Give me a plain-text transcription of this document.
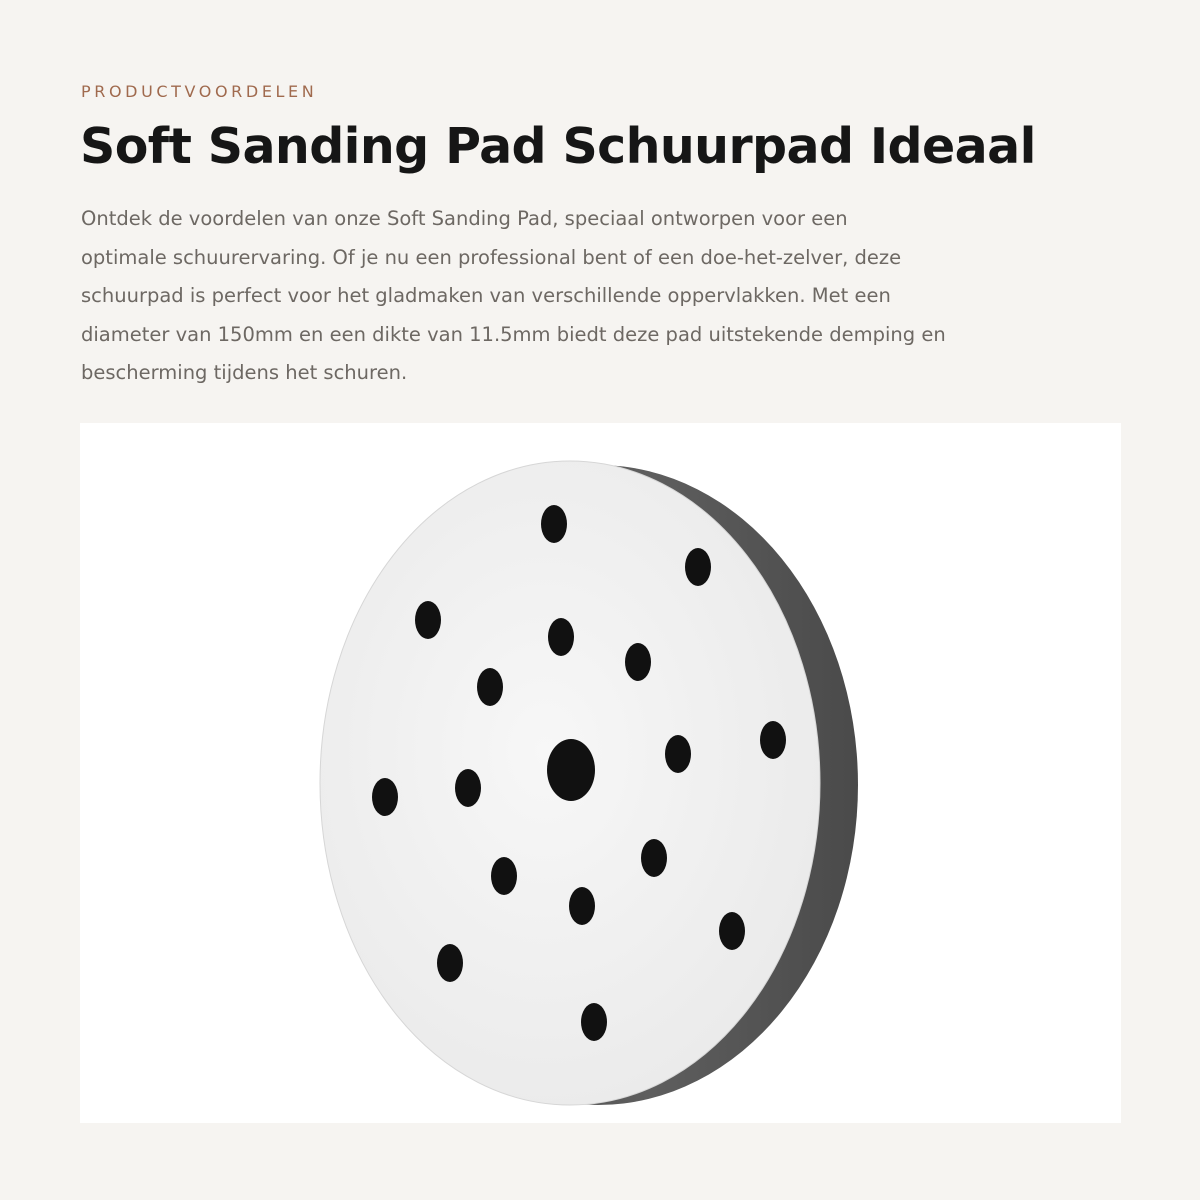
PRODUCTVOORDELEN

Soft Sanding Pad Schuurpad Ideaal

Ontdek de voordelen van onze Soft Sanding Pad, speciaal ontworpen voor een
optimale schuurervaring. Of je nu een professional bent of een doe-het-zelver, deze
schuurpad is perfect voor het gladmaken van verschillende oppervlakken. Met een
diameter van 150mm en een dikte van 11.5mm biedt deze pad uitstekende demping en
bescherming tijdens het schuren.
